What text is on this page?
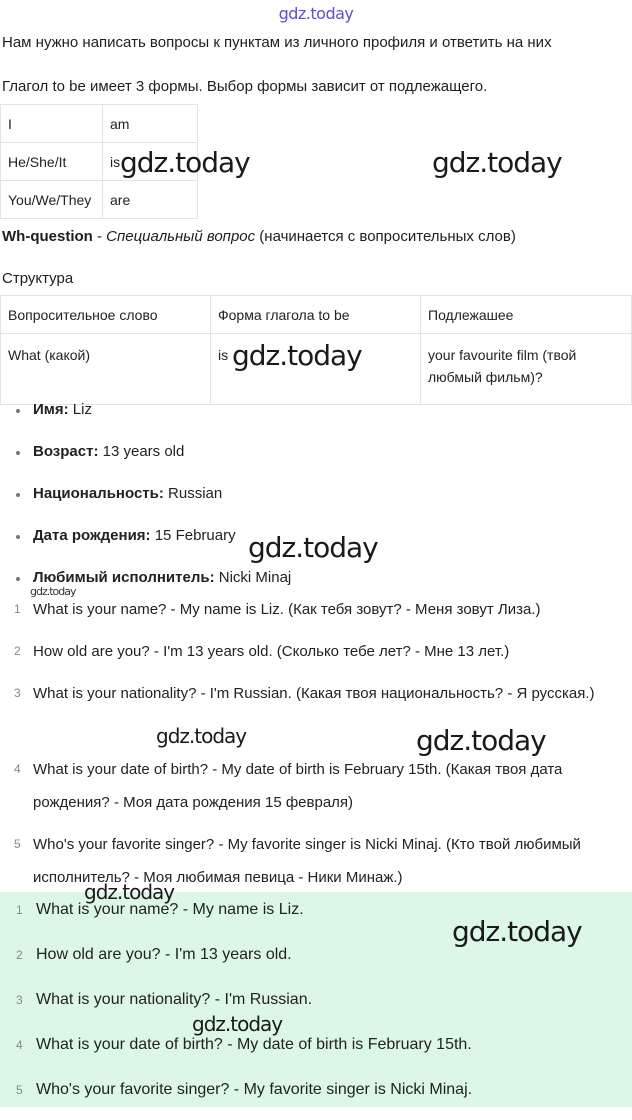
gdz.today
Нам нужно написать вопросы к пунктам из личного профиля и ответить на них
Глагол to be имеет 3 формы. Выбор формы зависит от подлежащего.
I	am
He/She/It	is
You/We/They	are
Wh-question - Специальный вопрос (начинается с вопросительных слов)
Структура
Вопросительное слово	Форма глагола to be	Подлежашее
What (какой)	is	your favourite film (твой любмый фильм)?
Имя: Liz
Возраст: 13 years old
Национальность: Russian
Дата рождения: 15 February
Любимый исполнитель: Nicki Minaj
1 What is your name? - My name is Liz. (Как тебя зовут? - Меня зовут Лиза.)
2 How old are you? - I'm 13 years old. (Сколько тебе лет? - Мне 13 лет.)
3 What is your nationality? - I'm Russian. (Какая твоя национальность? - Я русская.)
4 What is your date of birth? - My date of birth is February 15th. (Какая твоя дата рождения? - Моя дата рождения 15 февраля)
5 Who's your favorite singer? - My favorite singer is Nicki Minaj. (Кто твой любимый исполнитель? - Моя любимая певица - Ники Минаж.)
1 What is your name? - My name is Liz.
2 How old are you? - I'm 13 years old.
3 What is your nationality? - I'm Russian.
4 What is your date of birth? - My date of birth is February 15th.
5 Who's your favorite singer? - My favorite singer is Nicki Minaj.
gdz.today	gdz.today
gdz.today
gdz.today
gdz.today
gdz.today	gdz.today
gdz.today
gdz.today
gdz.today
